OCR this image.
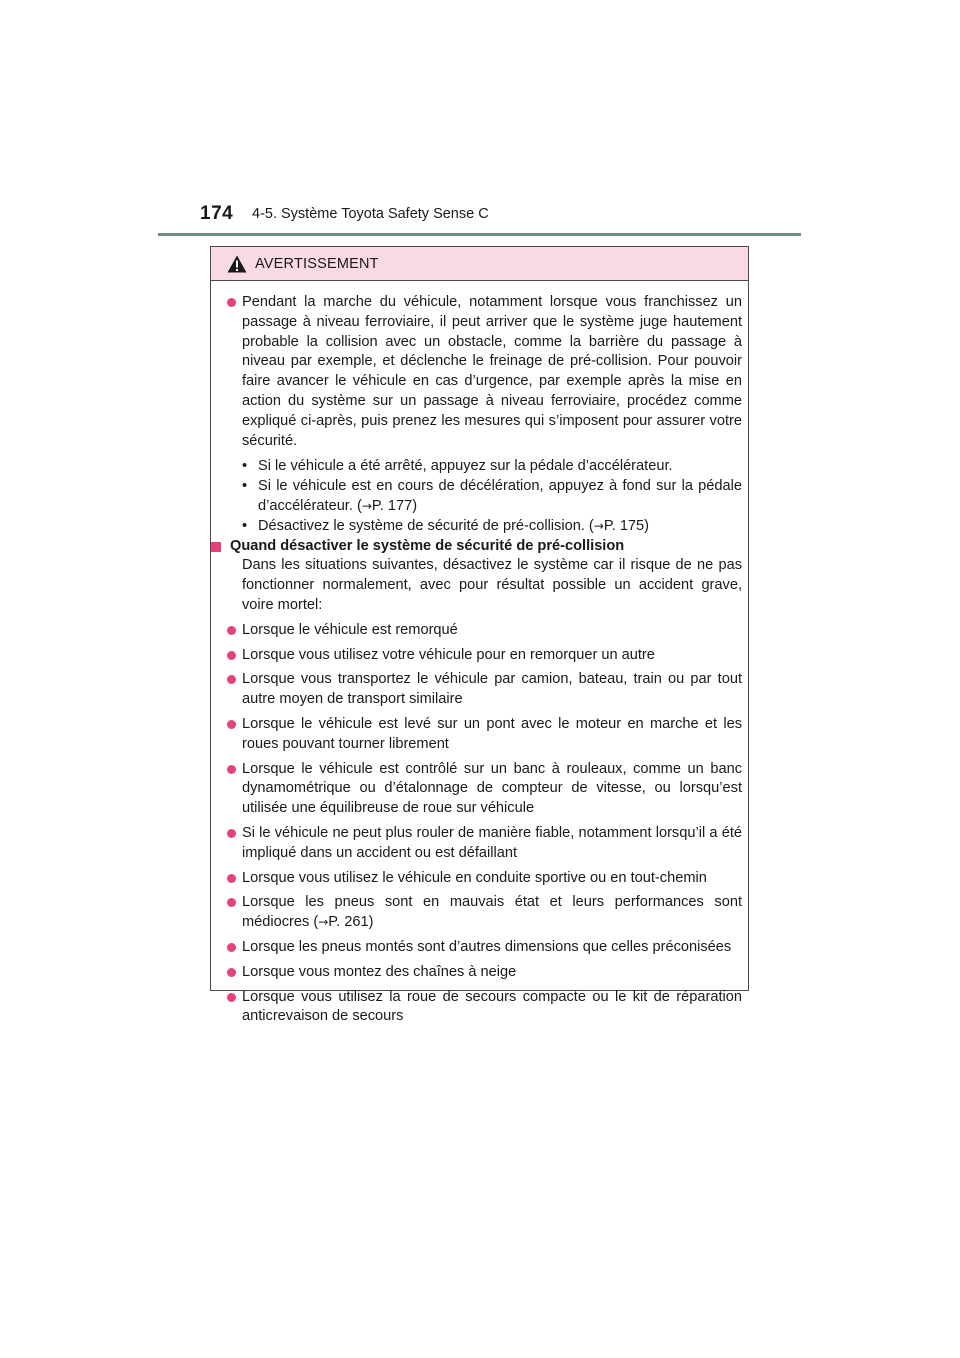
174 4-5. Système Toyota Safety Sense C
AVERTISSEMENT
Pendant la marche du véhicule, notamment lorsque vous franchissez un passage à niveau ferroviaire, il peut arriver que le système juge hautement probable la collision avec un obstacle, comme la barrière du passage à niveau par exemple, et déclenche le freinage de pré-collision. Pour pouvoir faire avancer le véhicule en cas d’urgence, par exemple après la mise en action du système sur un passage à niveau ferroviaire, procédez comme expliqué ci-après, puis prenez les mesures qui s’imposent pour assurer votre sécurité.
• Si le véhicule a été arrêté, appuyez sur la pédale d’accélérateur.
• Si le véhicule est en cours de décélération, appuyez à fond sur la pédale d’accélérateur. (→P. 177)
• Désactivez le système de sécurité de pré-collision. (→P. 175)
Quand désactiver le système de sécurité de pré-collision
Dans les situations suivantes, désactivez le système car il risque de ne pas fonctionner normalement, avec pour résultat possible un accident grave, voire mortel:
Lorsque le véhicule est remorqué
Lorsque vous utilisez votre véhicule pour en remorquer un autre
Lorsque vous transportez le véhicule par camion, bateau, train ou par tout autre moyen de transport similaire
Lorsque le véhicule est levé sur un pont avec le moteur en marche et les roues pouvant tourner librement
Lorsque le véhicule est contrôlé sur un banc à rouleaux, comme un banc dynamométrique ou d’étalonnage de compteur de vitesse, ou lorsqu’est utilisée une équilibreuse de roue sur véhicule
Si le véhicule ne peut plus rouler de manière fiable, notamment lorsqu’il a été impliqué dans un accident ou est défaillant
Lorsque vous utilisez le véhicule en conduite sportive ou en tout-chemin
Lorsque les pneus sont en mauvais état et leurs performances sont médiocres (→P. 261)
Lorsque les pneus montés sont d’autres dimensions que celles préconisées
Lorsque vous montez des chaînes à neige
Lorsque vous utilisez la roue de secours compacte ou le kit de réparation anticrevaison de secours
